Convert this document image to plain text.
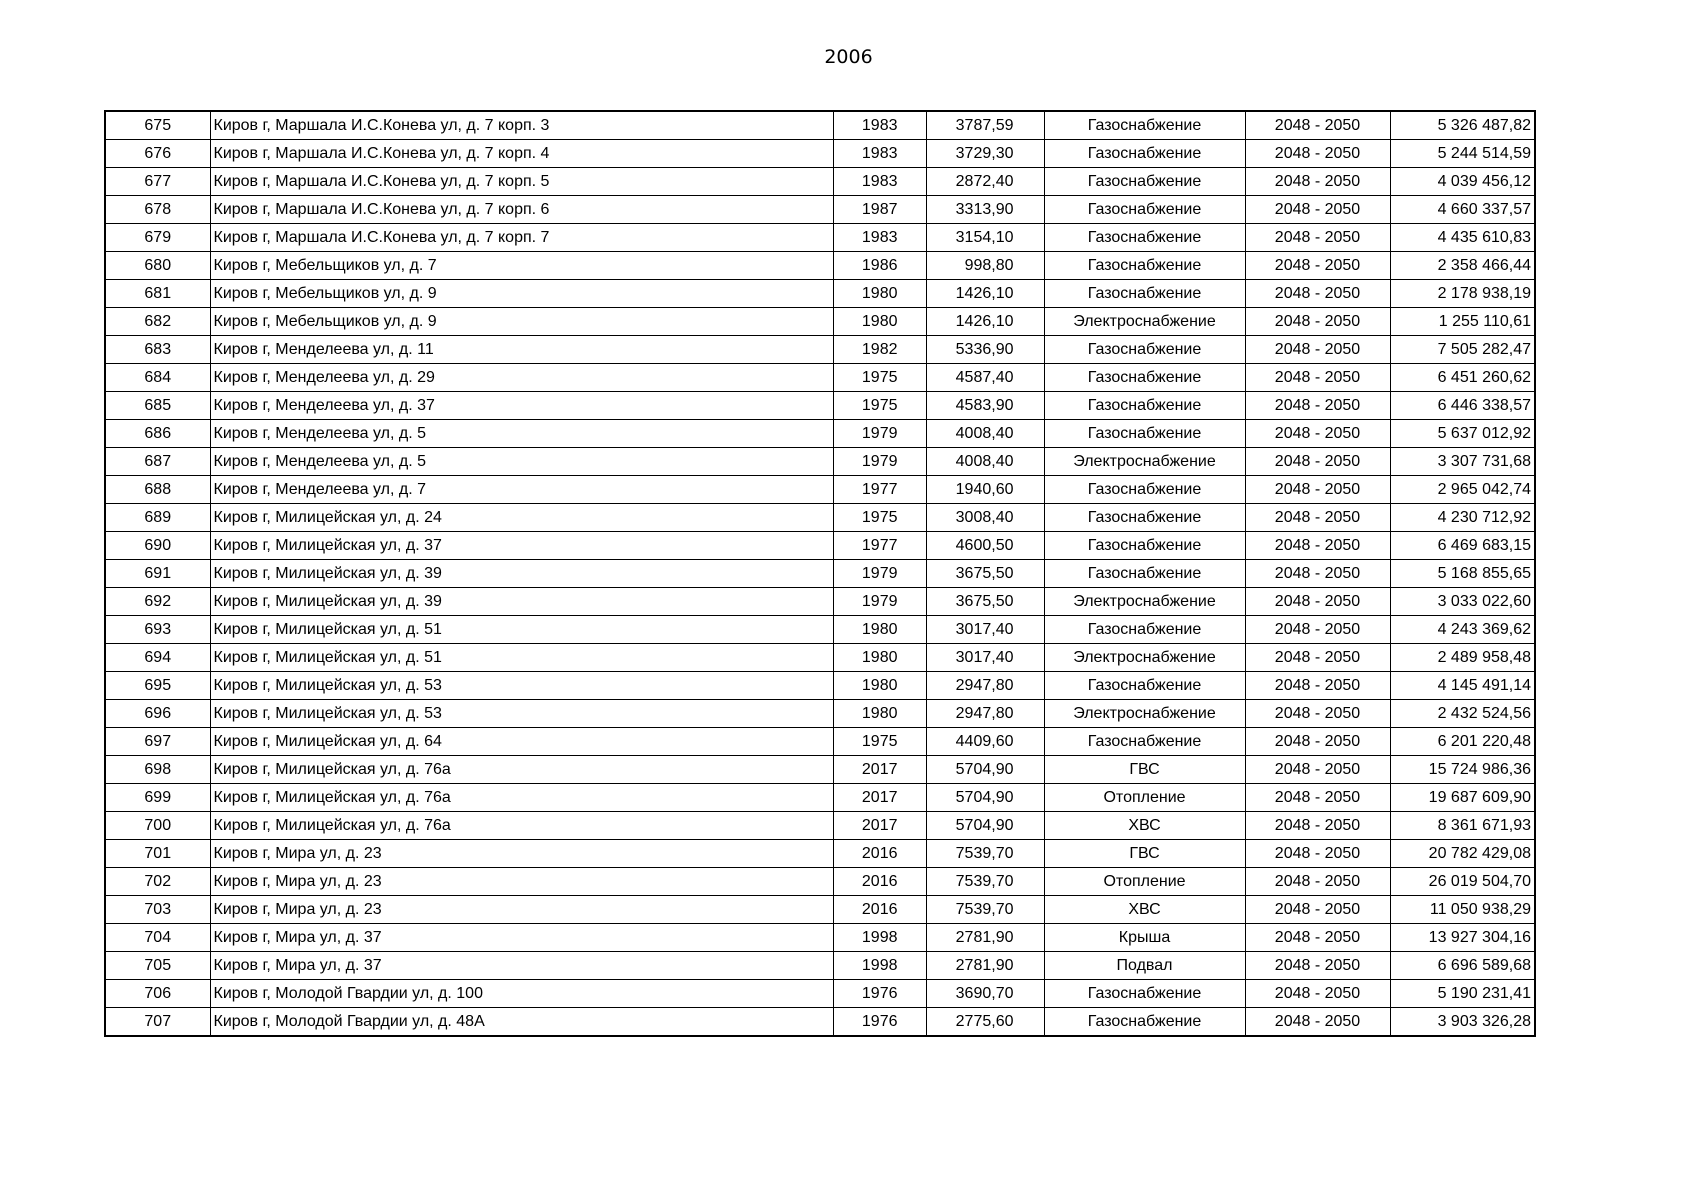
2006
675	Киров г, Маршала И.С.Конева ул, д. 7 корп. 3	1983	3787,59	Газоснабжение	2048 - 2050	5 326 487,82
676	Киров г, Маршала И.С.Конева ул, д. 7 корп. 4	1983	3729,30	Газоснабжение	2048 - 2050	5 244 514,59
677	Киров г, Маршала И.С.Конева ул, д. 7 корп. 5	1983	2872,40	Газоснабжение	2048 - 2050	4 039 456,12
678	Киров г, Маршала И.С.Конева ул, д. 7 корп. 6	1987	3313,90	Газоснабжение	2048 - 2050	4 660 337,57
679	Киров г, Маршала И.С.Конева ул, д. 7 корп. 7	1983	3154,10	Газоснабжение	2048 - 2050	4 435 610,83
680	Киров г, Мебельщиков ул, д. 7	1986	998,80	Газоснабжение	2048 - 2050	2 358 466,44
681	Киров г, Мебельщиков ул, д. 9	1980	1426,10	Газоснабжение	2048 - 2050	2 178 938,19
682	Киров г, Мебельщиков ул, д. 9	1980	1426,10	Электроснабжение	2048 - 2050	1 255 110,61
683	Киров г, Менделеева ул, д. 11	1982	5336,90	Газоснабжение	2048 - 2050	7 505 282,47
684	Киров г, Менделеева ул, д. 29	1975	4587,40	Газоснабжение	2048 - 2050	6 451 260,62
685	Киров г, Менделеева ул, д. 37	1975	4583,90	Газоснабжение	2048 - 2050	6 446 338,57
686	Киров г, Менделеева ул, д. 5	1979	4008,40	Газоснабжение	2048 - 2050	5 637 012,92
687	Киров г, Менделеева ул, д. 5	1979	4008,40	Электроснабжение	2048 - 2050	3 307 731,68
688	Киров г, Менделеева ул, д. 7	1977	1940,60	Газоснабжение	2048 - 2050	2 965 042,74
689	Киров г, Милицейская ул, д. 24	1975	3008,40	Газоснабжение	2048 - 2050	4 230 712,92
690	Киров г, Милицейская ул, д. 37	1977	4600,50	Газоснабжение	2048 - 2050	6 469 683,15
691	Киров г, Милицейская ул, д. 39	1979	3675,50	Газоснабжение	2048 - 2050	5 168 855,65
692	Киров г, Милицейская ул, д. 39	1979	3675,50	Электроснабжение	2048 - 2050	3 033 022,60
693	Киров г, Милицейская ул, д. 51	1980	3017,40	Газоснабжение	2048 - 2050	4 243 369,62
694	Киров г, Милицейская ул, д. 51	1980	3017,40	Электроснабжение	2048 - 2050	2 489 958,48
695	Киров г, Милицейская ул, д. 53	1980	2947,80	Газоснабжение	2048 - 2050	4 145 491,14
696	Киров г, Милицейская ул, д. 53	1980	2947,80	Электроснабжение	2048 - 2050	2 432 524,56
697	Киров г, Милицейская ул, д. 64	1975	4409,60	Газоснабжение	2048 - 2050	6 201 220,48
698	Киров г, Милицейская ул, д. 76а	2017	5704,90	ГВС	2048 - 2050	15 724 986,36
699	Киров г, Милицейская ул, д. 76а	2017	5704,90	Отопление	2048 - 2050	19 687 609,90
700	Киров г, Милицейская ул, д. 76а	2017	5704,90	ХВС	2048 - 2050	8 361 671,93
701	Киров г, Мира ул, д. 23	2016	7539,70	ГВС	2048 - 2050	20 782 429,08
702	Киров г, Мира ул, д. 23	2016	7539,70	Отопление	2048 - 2050	26 019 504,70
703	Киров г, Мира ул, д. 23	2016	7539,70	ХВС	2048 - 2050	11 050 938,29
704	Киров г, Мира ул, д. 37	1998	2781,90	Крыша	2048 - 2050	13 927 304,16
705	Киров г, Мира ул, д. 37	1998	2781,90	Подвал	2048 - 2050	6 696 589,68
706	Киров г, Молодой Гвардии ул, д. 100	1976	3690,70	Газоснабжение	2048 - 2050	5 190 231,41
707	Киров г, Молодой Гвардии ул, д. 48А	1976	2775,60	Газоснабжение	2048 - 2050	3 903 326,28
